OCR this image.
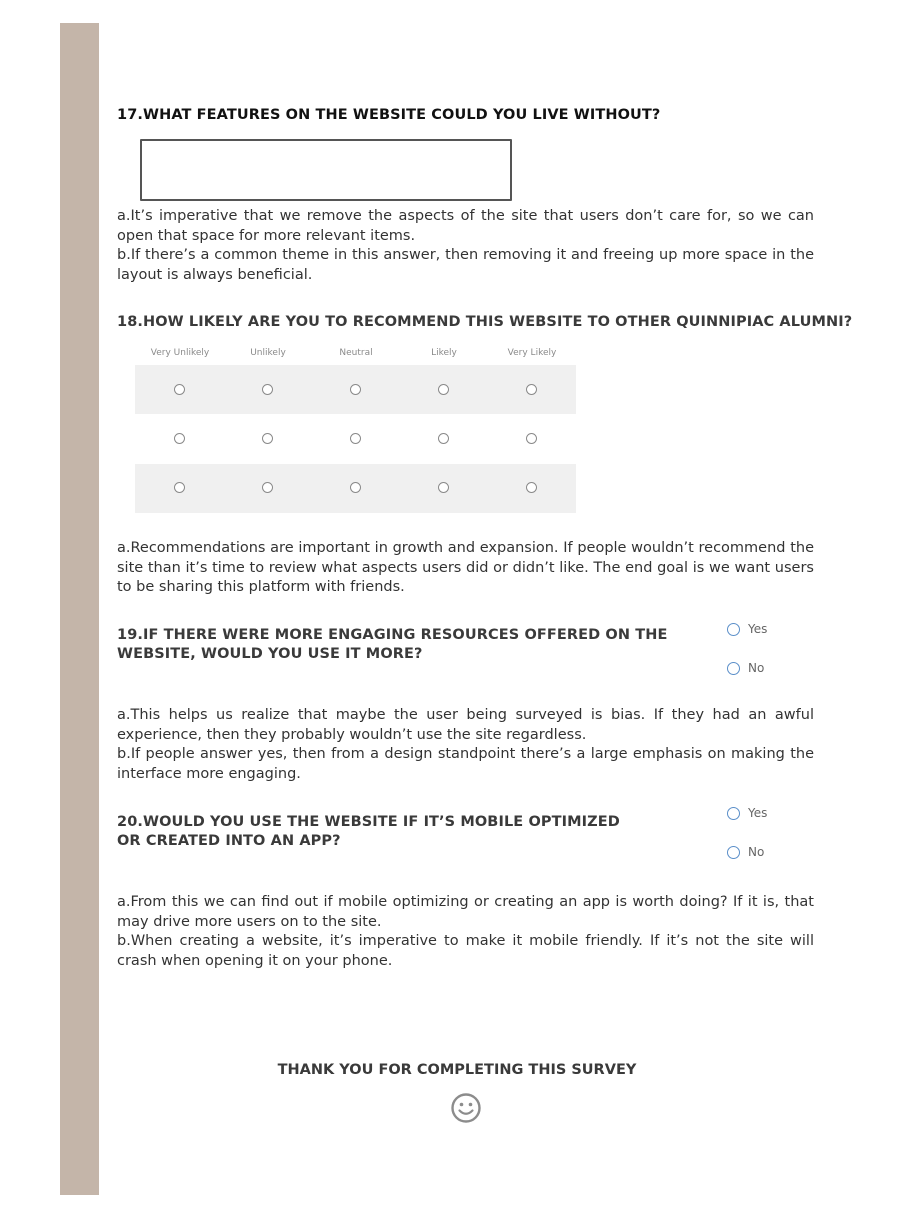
17.WHAT FEATURES ON THE WEBSITE COULD YOU LIVE WITHOUT?

a.It’s imperative that we remove the aspects of the site that users don’t care for, so we can open that space for more relevant items.

b.If there’s a common theme in this answer, then removing it and freeing up more space in the layout is always beneficial.

18.HOW LIKELY ARE YOU TO RECOMMEND THIS WEBSITE TO OTHER QUINNIPIAC ALUMNI?
Very Unlikely	Unlikely	Neutral	Likely	Very Likely

a.Recommendations are important in growth and expansion. If people wouldn’t recommend the site than it’s time to review what aspects users did or didn’t like. The end goal is we want users to be sharing this platform with friends.

19.IF THERE WERE MORE ENGAGING RESOURCES OFFERED ON THE WEBSITE, WOULD YOU USE IT MORE?
Yes
No

a.This helps us realize that maybe the user being surveyed is bias. If they had an awful experience, then they probably wouldn’t use the site regardless.

b.If people answer yes, then from a design standpoint there’s a large emphasis on making the interface more engaging.

20.WOULD YOU USE THE WEBSITE IF IT’S MOBILE OPTIMIZED OR CREATED INTO AN APP?
Yes
No

a.From this we can find out if mobile optimizing or creating an app is worth doing? If it is, that may drive more users on to the site.

b.When creating a website, it’s imperative to make it mobile friendly. If it’s not the site will crash when opening it on your phone.

THANK YOU FOR COMPLETING THIS SURVEY
